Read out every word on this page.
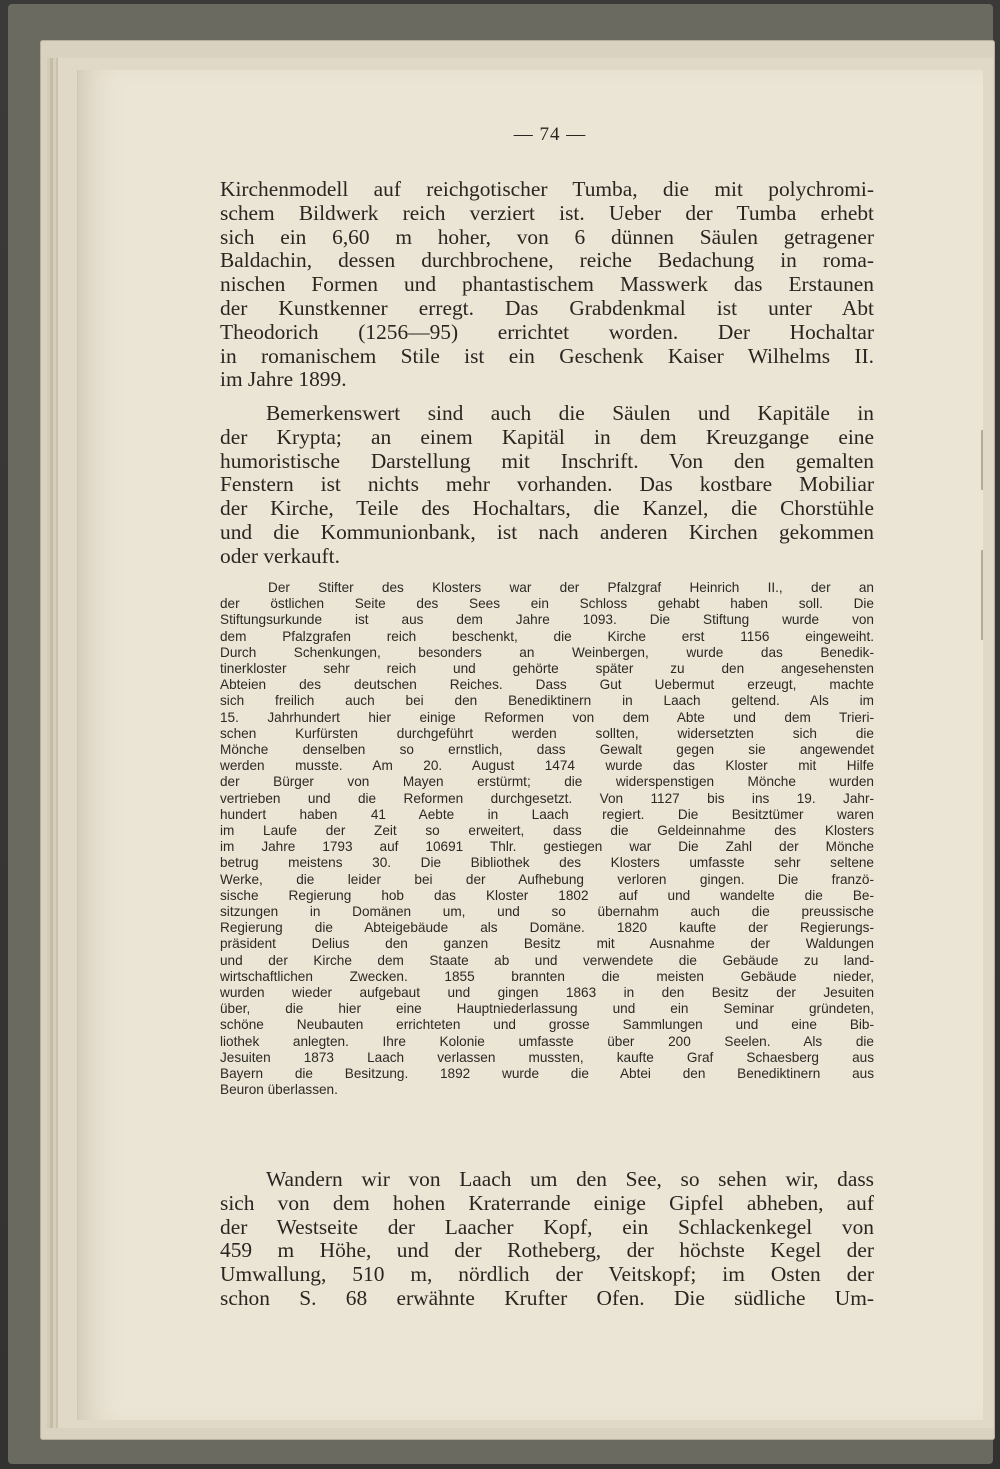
— 74 —
Kirchenmodell auf reichgotischer Tumba, die mit polychromi-
schem Bildwerk reich verziert ist. Ueber der Tumba erhebt
sich ein 6,60 m hoher, von 6 dünnen Säulen getragener
Baldachin, dessen durchbrochene, reiche Bedachung in roma-
nischen Formen und phantastischem Masswerk das Erstaunen
der Kunstkenner erregt. Das Grabdenkmal ist unter Abt
Theodorich (1256—95) errichtet worden. Der Hochaltar
in romanischem Stile ist ein Geschenk Kaiser Wilhelms II.
im Jahre 1899.
Bemerkenswert sind auch die Säulen und Kapitäle in
der Krypta; an einem Kapitäl in dem Kreuzgange eine
humoristische Darstellung mit Inschrift. Von den gemalten
Fenstern ist nichts mehr vorhanden. Das kostbare Mobiliar
der Kirche, Teile des Hochaltars, die Kanzel, die Chorstühle
und die Kommunionbank, ist nach anderen Kirchen gekommen
oder verkauft.
Der Stifter des Klosters war der Pfalzgraf Heinrich II., der an
der östlichen Seite des Sees ein Schloss gehabt haben soll. Die
Stiftungsurkunde ist aus dem Jahre 1093. Die Stiftung wurde von
dem Pfalzgrafen reich beschenkt, die Kirche erst 1156 eingeweiht.
Durch Schenkungen, besonders an Weinbergen, wurde das Benedik-
tinerkloster sehr reich und gehörte später zu den angesehensten
Abteien des deutschen Reiches. Dass Gut Uebermut erzeugt, machte
sich freilich auch bei den Benediktinern in Laach geltend. Als im
15. Jahrhundert hier einige Reformen von dem Abte und dem Trieri-
schen Kurfürsten durchgeführt werden sollten, widersetzten sich die
Mönche denselben so ernstlich, dass Gewalt gegen sie angewendet
werden musste. Am 20. August 1474 wurde das Kloster mit Hilfe
der Bürger von Mayen erstürmt; die widerspenstigen Mönche wurden
vertrieben und die Reformen durchgesetzt. Von 1127 bis ins 19. Jahr-
hundert haben 41 Aebte in Laach regiert. Die Besitztümer waren
im Laufe der Zeit so erweitert, dass die Geldeinnahme des Klosters
im Jahre 1793 auf 10691 Thlr. gestiegen war Die Zahl der Mönche
betrug meistens 30. Die Bibliothek des Klosters umfasste sehr seltene
Werke, die leider bei der Aufhebung verloren gingen. Die franzö-
sische Regierung hob das Kloster 1802 auf und wandelte die Be-
sitzungen in Domänen um, und so übernahm auch die preussische
Regierung die Abteigebäude als Domäne. 1820 kaufte der Regierungs-
präsident Delius den ganzen Besitz mit Ausnahme der Waldungen
und der Kirche dem Staate ab und verwendete die Gebäude zu land-
wirtschaftlichen Zwecken. 1855 brannten die meisten Gebäude nieder,
wurden wieder aufgebaut und gingen 1863 in den Besitz der Jesuiten
über, die hier eine Hauptniederlassung und ein Seminar gründeten,
schöne Neubauten errichteten und grosse Sammlungen und eine Bib-
liothek anlegten. Ihre Kolonie umfasste über 200 Seelen. Als die
Jesuiten 1873 Laach verlassen mussten, kaufte Graf Schaesberg aus
Bayern die Besitzung. 1892 wurde die Abtei den Benediktinern aus
Beuron überlassen.
Wandern wir von Laach um den See, so sehen wir, dass
sich von dem hohen Kraterrande einige Gipfel abheben, auf
der Westseite der Laacher Kopf, ein Schlackenkegel von
459 m Höhe, und der Rotheberg, der höchste Kegel der
Umwallung, 510 m, nördlich der Veitskopf; im Osten der
schon S. 68 erwähnte Krufter Ofen. Die südliche Um-
